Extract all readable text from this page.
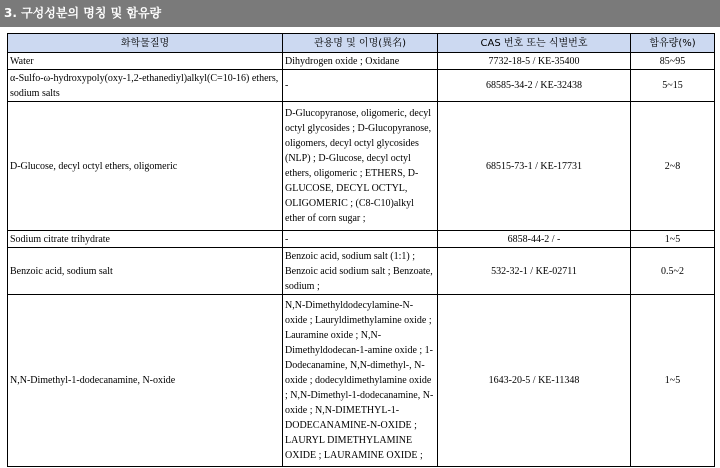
3. 구성성분의 명칭 및 함유량
화학물질명	관용명 및 이명(異名)	CAS 번호 또는 식별번호	함유량(%)
Water	Dihydrogen oxide ; Oxidane	7732-18-5 / KE-35400	85~95
α-Sulfo-ω-hydroxypoly(oxy-1,2-ethanediyl)alkyl(C=10-16) ethers, sodium salts	-	68585-34-2 / KE-32438	5~15
D-Glucose, decyl octyl ethers, oligomeric	D-Glucopyranose, oligomeric, decyl octyl glycosides ; D-Glucopyranose, oligomers, decyl octyl glycosides (NLP) ; D-Glucose, decyl octyl ethers, oligomeric ; ETHERS, D-GLUCOSE, DECYL OCTYL, OLIGOMERIC ; (C8-C10)alkyl ether of corn sugar ;	68515-73-1 / KE-17731	2~8
Sodium citrate trihydrate	-	6858-44-2 / -	1~5
Benzoic acid, sodium salt	Benzoic acid, sodium salt (1:1) ; Benzoic acid sodium salt ; Benzoate, sodium ;	532-32-1 / KE-02711	0.5~2
N,N-Dimethyl-1-dodecanamine, N-oxide	N,N-Dimethyldodecylamine-N-oxide ; Lauryldimethylamine oxide ; Lauramine oxide ; N,N-Dimethyldodecan-1-amine oxide ; 1-Dodecanamine, N,N-dimethyl-, N-oxide ; dodecyldimethylamine oxide ; N,N-Dimethyl-1-dodecanamine, N-oxide ; N,N-DIMETHYL-1-DODECANAMINE-N-OXIDE ; LAURYL DIMETHYLAMINE OXIDE ; LAURAMINE OXIDE ;	1643-20-5 / KE-11348	1~5
